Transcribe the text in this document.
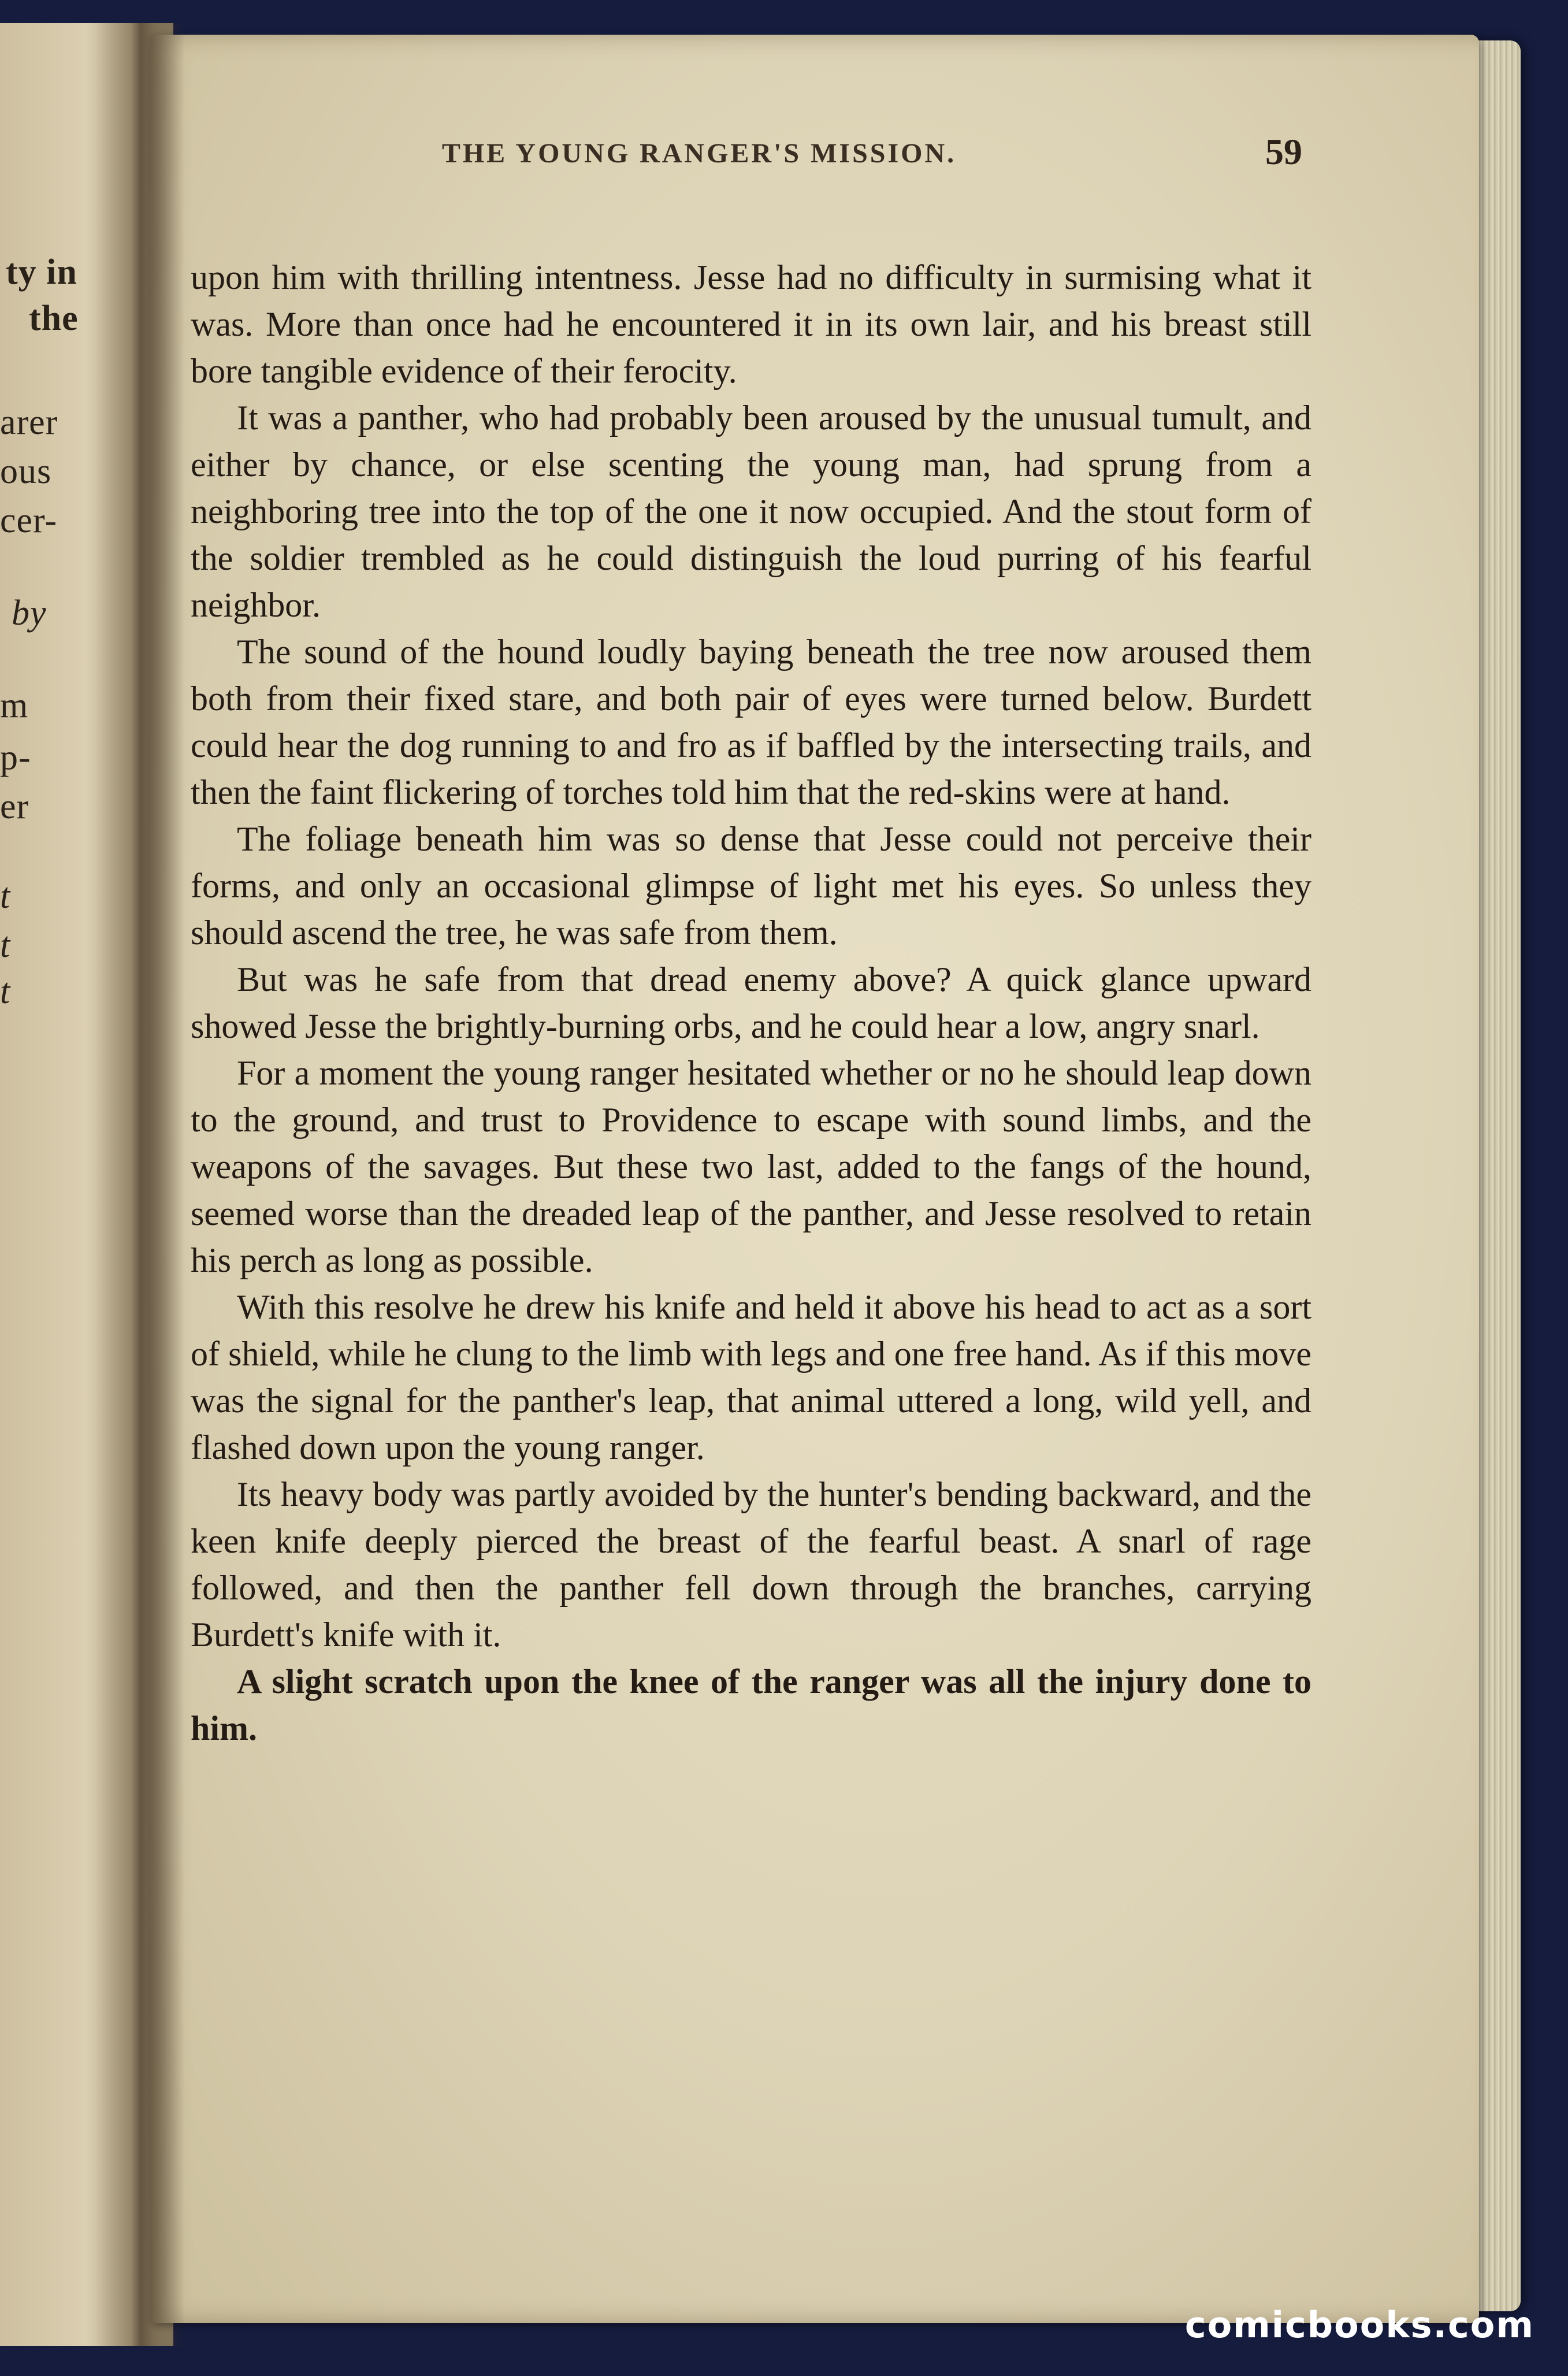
ty in
the
arer
ous
cer-
by
m
p-
er
t
t
t
THE YOUNG RANGER'S MISSION.	59

upon him with thrilling intentness. Jesse had no difficulty in surmising what it was. More than once had he encountered it in its own lair, and his breast still bore tangible evidence of their ferocity.

It was a panther, who had probably been aroused by the unusual tumult, and either by chance, or else scenting the young man, had sprung from a neighboring tree into the top of the one it now occupied. And the stout form of the soldier trembled as he could distinguish the loud purring of his fearful neighbor.

The sound of the hound loudly baying beneath the tree now aroused them both from their fixed stare, and both pair of eyes were turned below. Burdett could hear the dog running to and fro as if baffled by the intersecting trails, and then the faint flickering of torches told him that the red-skins were at hand.

The foliage beneath him was so dense that Jesse could not perceive their forms, and only an occasional glimpse of light met his eyes. So unless they should ascend the tree, he was safe from them.

But was he safe from that dread enemy above? A quick glance upward showed Jesse the brightly-burning orbs, and he could hear a low, angry snarl.

For a moment the young ranger hesitated whether or no he should leap down to the ground, and trust to Providence to escape with sound limbs, and the weapons of the savages. But these two last, added to the fangs of the hound, seemed worse than the dreaded leap of the panther, and Jesse resolved to retain his perch as long as possible.

With this resolve he drew his knife and held it above his head to act as a sort of shield, while he clung to the limb with legs and one free hand. As if this move was the signal for the panther's leap, that animal uttered a long, wild yell, and flashed down upon the young ranger.

Its heavy body was partly avoided by the hunter's bending backward, and the keen knife deeply pierced the breast of the fearful beast. A snarl of rage followed, and then the panther fell down through the branches, carrying Burdett's knife with it.

A slight scratch upon the knee of the ranger was all the injury done to him.

comicbooks.com
